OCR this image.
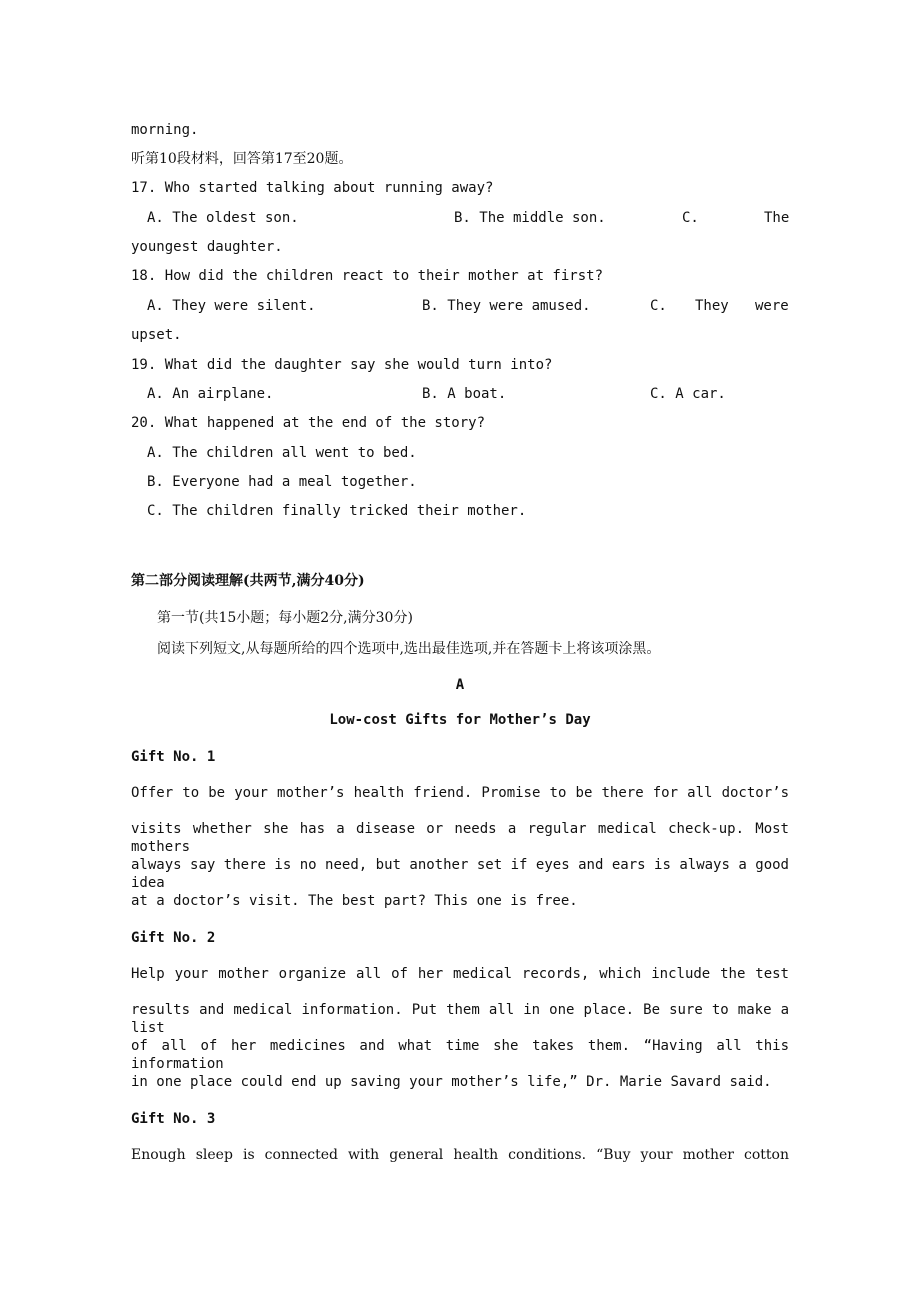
morning.
听第10段材料，回答第17至20题。
17. Who started talking about running away?
A. The oldest son.	B. The middle son.	C.	The
youngest daughter.
18. How did the children react to their mother at first?
A. They were silent.	B. They were amused.	C. They were
upset.
19. What did the daughter say she would turn into?
A. An airplane.	B. A boat.	C. A car.
20. What happened at the end of the story?
A. The children all went to bed.
B. Everyone had a meal together.
C. The children finally tricked their mother.
第二部分阅读理解(共两节,满分40分)
第一节(共15小题；每小题2分,满分30分)
阅读下列短文,从每题所给的四个选项中,选出最佳选项,并在答题卡上将该项涂黑。
A
Low-cost Gifts for Mother’s Day
Gift No. 1
Offer to be your mother’s health friend. Promise to be there for all doctor’s
visits whether she has a disease or needs a regular medical check-up. Most mothers
always say there is no need, but another set if eyes and ears is always a good idea
at a doctor’s visit. The best part? This one is free.
Gift No. 2
Help your mother organize all of her medical records, which include the test
results and medical information. Put them all in one place. Be sure to make a list
of all of her medicines and what time she takes them. “Having all this information
in one place could end up saving your mother’s life,” Dr. Marie Savard said.
Gift No. 3
Enough sleep is connected with general health conditions. “Buy your mother cotton
